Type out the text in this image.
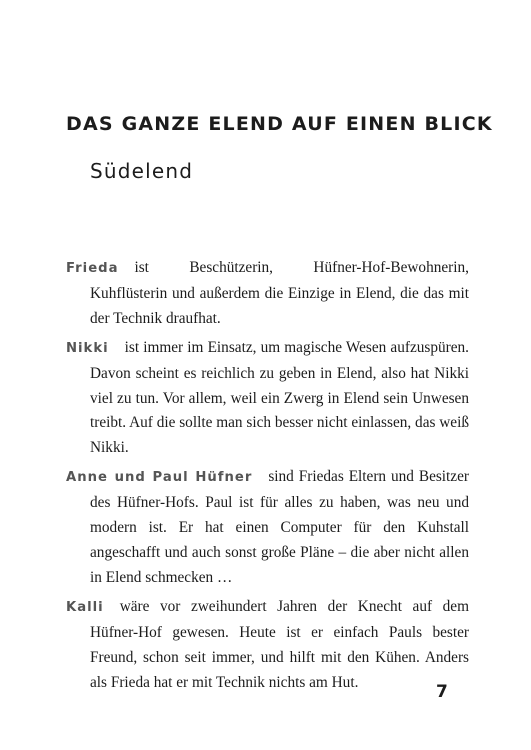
DAS GANZE ELEND AUF EINEN BLICK
Südelend

Frieda ist Beschützerin, Hüfner-Hof-Bewohnerin, Kuhflüsterin und außerdem die Einzige in Elend, die das mit der Technik draufhat.

Nikki ist immer im Einsatz, um magische Wesen aufzuspüren. Davon scheint es reichlich zu geben in Elend, also hat Nikki viel zu tun. Vor allem, weil ein Zwerg in Elend sein Unwesen treibt. Auf die sollte man sich besser nicht einlassen, das weiß Nikki.

Anne und Paul Hüfner sind Friedas Eltern und Besitzer des Hüfner-Hofs. Paul ist für alles zu haben, was neu und modern ist. Er hat einen Computer für den Kuhstall angeschafft und auch sonst große Pläne – die aber nicht allen in Elend schmecken …

Kalli wäre vor zweihundert Jahren der Knecht auf dem Hüfner-Hof gewesen. Heute ist er einfach Pauls bester Freund, schon seit immer, und hilft mit den Kühen. Anders als Frieda hat er mit Technik nichts am Hut.	7
